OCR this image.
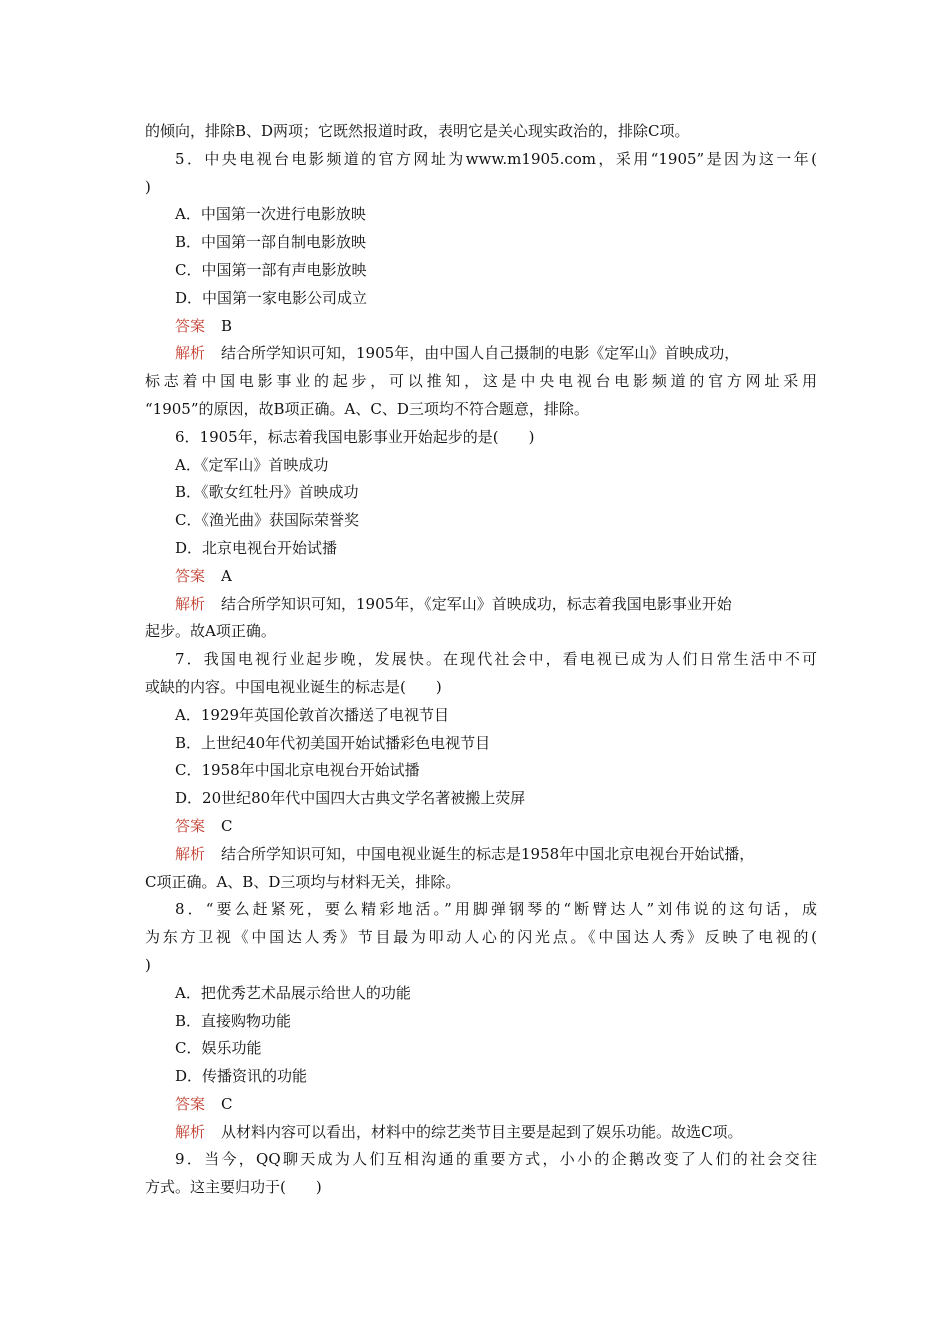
的倾向，排除B、D两项；它既然报道时政，表明它是关心现实政治的，排除C项。
5．中央电视台电影频道的官方网址为www.m1905.com，采用“1905”是因为这一年(
)
A．中国第一次进行电影放映
B．中国第一部自制电影放映
C．中国第一部有声电影放映
D．中国第一家电影公司成立
答案 B
解析 结合所学知识可知，1905年，由中国人自己摄制的电影《定军山》首映成功，
标志着中国电影事业的起步，可以推知，这是中央电视台电影频道的官方网址采用
“1905”的原因，故B项正确。A、C、D三项均不符合题意，排除。
6．1905年，标志着我国电影事业开始起步的是(　　)
A．《定军山》首映成功
B．《歌女红牡丹》首映成功
C．《渔光曲》获国际荣誉奖
D．北京电视台开始试播
答案 A
解析 结合所学知识可知，1905年，《定军山》首映成功，标志着我国电影事业开始
起步。故A项正确。
7．我国电视行业起步晚，发展快。在现代社会中，看电视已成为人们日常生活中不可
或缺的内容。中国电视业诞生的标志是(　　)
A．1929年英国伦敦首次播送了电视节目
B．上世纪40年代初美国开始试播彩色电视节目
C．1958年中国北京电视台开始试播
D．20世纪80年代中国四大古典文学名著被搬上荧屏
答案 C
解析 结合所学知识可知，中国电视业诞生的标志是1958年中国北京电视台开始试播，
C项正确。A、B、D三项均与材料无关，排除。
8．“要么赶紧死，要么精彩地活。”用脚弹钢琴的“断臂达人”刘伟说的这句话，成
为东方卫视《中国达人秀》节目最为叩动人心的闪光点。《中国达人秀》反映了电视的(
)
A．把优秀艺术品展示给世人的功能
B．直接购物功能
C．娱乐功能
D．传播资讯的功能
答案 C
解析 从材料内容可以看出，材料中的综艺类节目主要是起到了娱乐功能。故选C项。
9．当今，QQ聊天成为人们互相沟通的重要方式，小小的企鹅改变了人们的社会交往
方式。这主要归功于(　　)
